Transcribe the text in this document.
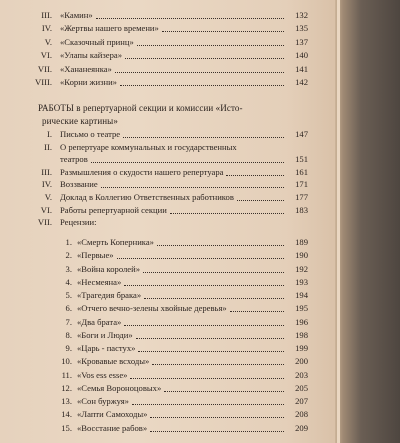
III. «Камин»	132
IV. «Жертвы нашего времени»	135
V. «Сказочный принц»	137
VI. «Улапы кайзера»	140
VII. «Хананеянка»	141
VIII. «Корни жизни»	142
I. Письмо о театре	147
II. О репертуаре коммунальных и государственных
театров	151
III. Размышления о скудости нашего репертуара	161
IV. Воззвание	171
V. Доклад в Коллегию Ответственных работников	177
VI. Работы репертуарной секции	183
VII. Рецензии:
1. «Смерть Коперника»	189
2. «Первые»	190
3. «Война королей»	192
4. «Несмеяна»	193
5. «Трагедия брака»	194
6. «Отчего вечно-зелены хвойные деревья»	195
7. «Два брата»	196
8. «Боги и Люди»	198
9. «Царь - пастух»	199
10. «Кровавые всходы»	200
11. «Vos ess esse»	203
12. «Семья Вороноцовых»	205
13. «Сон буржуя»	207
14. «Лапти Самоходы»	208
15. «Восстание рабов»	209
РАБОТЫ в репертуарной секции и комиссии «Исто-
рические картины»
